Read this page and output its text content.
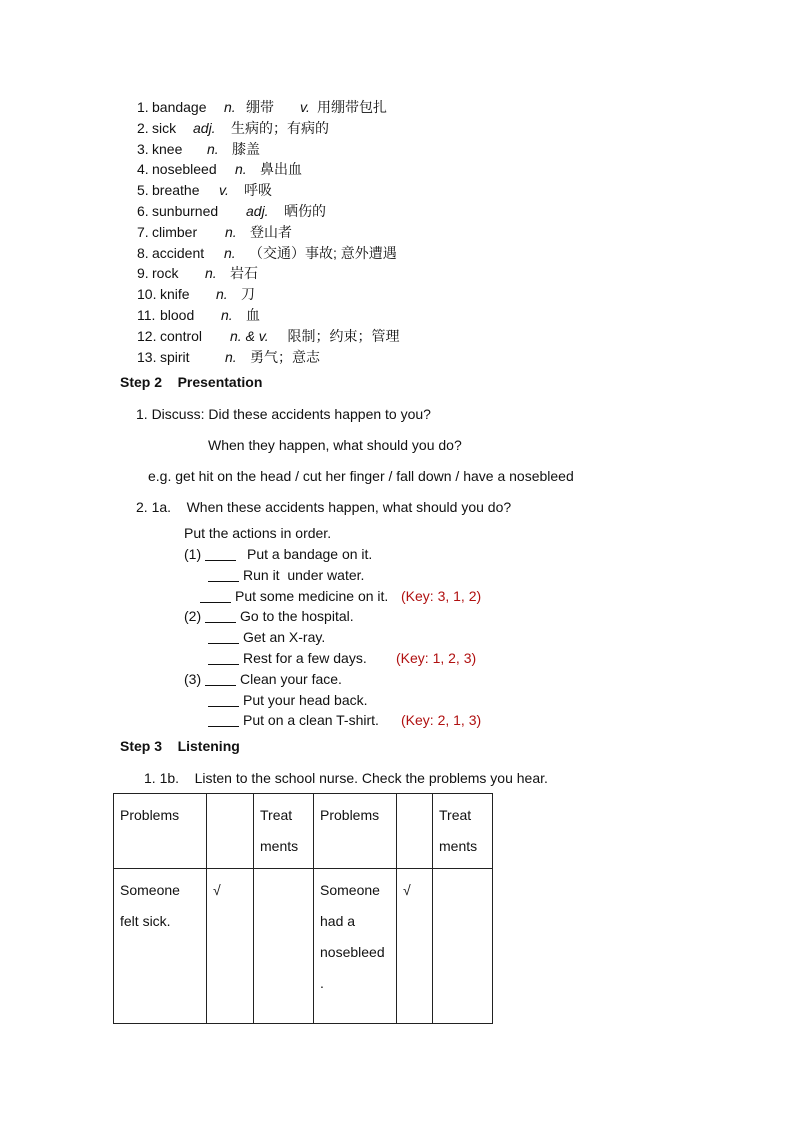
1. bandage n. 绷带 v. 用绷带包扎
2. sick adj. 生病的；有病的
3. knee n. 膝盖
4. nosebleed n. 鼻出血
5. breathe v. 呼吸
6. sunburned adj. 晒伤的
7. climber n. 登山者
8. accident n. （交通）事故; 意外遭遇
9. rock n. 岩石
10. knife n. 刀
11. blood n. 血
12. control n. & v. 限制；约束；管理
13. spirit	n. 勇气；意志
Step 2    Presentation
1. Discuss: Did these accidents happen to you?
When they happen, what should you do?
e.g. get hit on the head / cut her finger / fall down / have a nosebleed
2. 1a.    When these accidents happen, what should you do?
Put the actions in order.
(1)	Put a bandage on it.
Run it  under water.
Put some medicine on it. (Key: 3, 1, 2)
(2)	Go to the hospital.
Get an X-ray.
Rest for a few days. (Key: 1, 2, 3)
(3)	Clean your face.
Put your head back.
Put on a clean T-shirt. (Key: 2, 1, 3)
Step 3    Listening
1. 1b.    Listen to the school nurse. Check the problems you hear.
Problems		Treat ments	Problems		Treat ments
Someone felt sick.	√		Someone had a nosebleed .	√	
